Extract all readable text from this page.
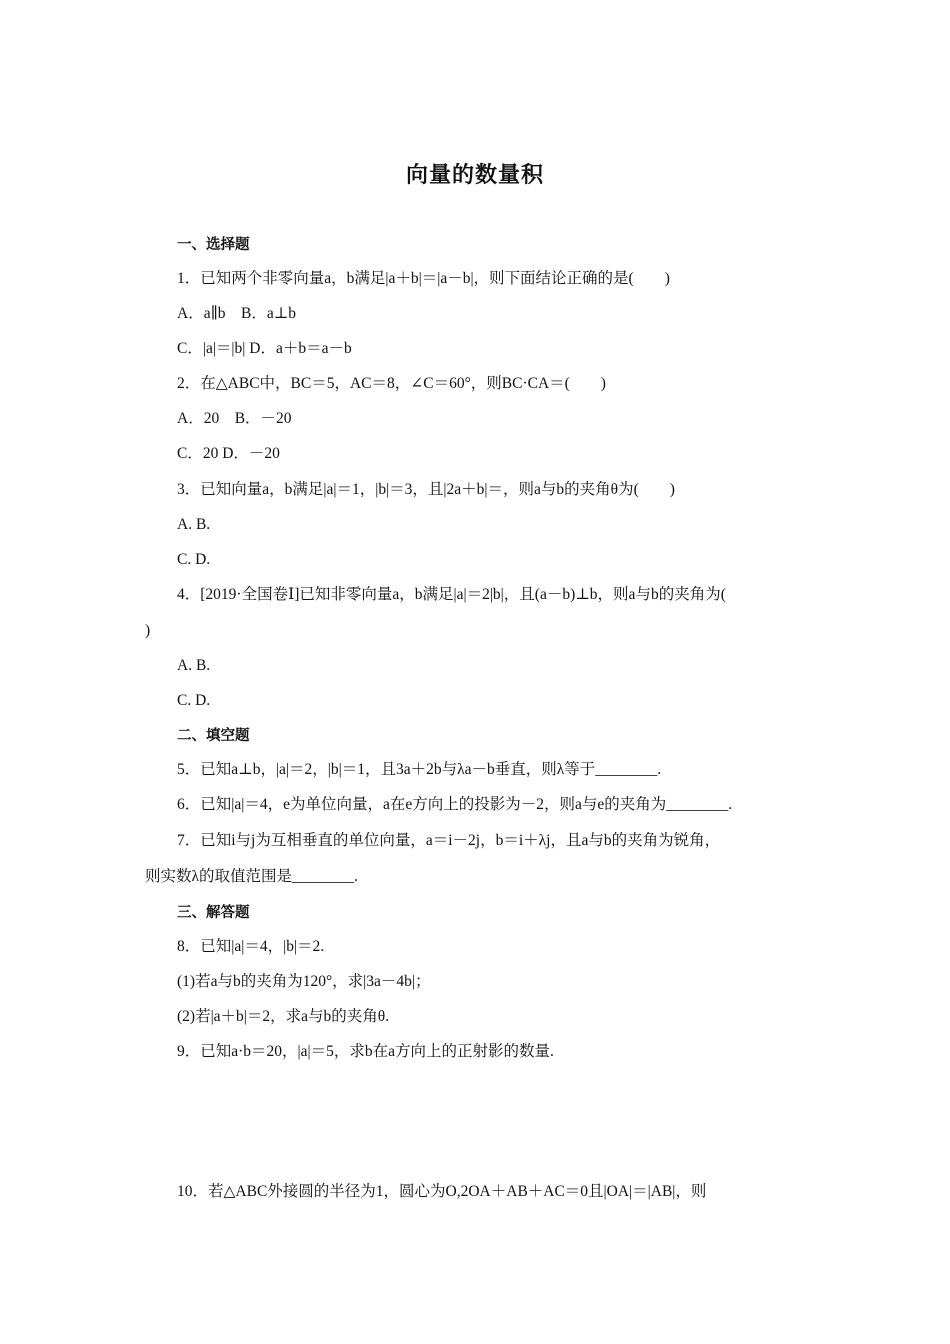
向量的数量积
一、选择题
1．已知两个非零向量a，b满足|a＋b|＝|a－b|，则下面结论正确的是(　　)
A．a∥b　B．a⊥b
C．|a|＝|b| D．a＋b＝a－b
2．在△ABC中，BC＝5，AC＝8，∠C＝60°，则BC·CA＝(　　)
A．20　B．－20
C．20 D．－20
3．已知向量a，b满足|a|＝1，|b|＝3，且|2a＋b|＝，则a与b的夹角θ为(　　)
A. B.
C. D.
4．[2019·全国卷Ⅰ]已知非零向量a，b满足|a|＝2|b|，且(a－b)⊥b，则a与b的夹角为(
)
A. B.
C. D.
二、填空题
5．已知a⊥b，|a|＝2，|b|＝1，且3a＋2b与λa－b垂直，则λ等于________.
6．已知|a|＝4，e为单位向量，a在e方向上的投影为－2，则a与e的夹角为________.
7．已知i与j为互相垂直的单位向量，a＝i－2j，b＝i＋λj，且a与b的夹角为锐角，
则实数λ的取值范围是________.
三、解答题
8．已知|a|＝4，|b|＝2.
(1)若a与b的夹角为120°，求|3a－4b|；
(2)若|a＋b|＝2，求a与b的夹角θ.
9．已知a·b＝20，|a|＝5，求b在a方向上的正射影的数量.
10．若△ABC外接圆的半径为1，圆心为O,2OA＋AB＋AC＝0且|OA|＝|AB|，则
